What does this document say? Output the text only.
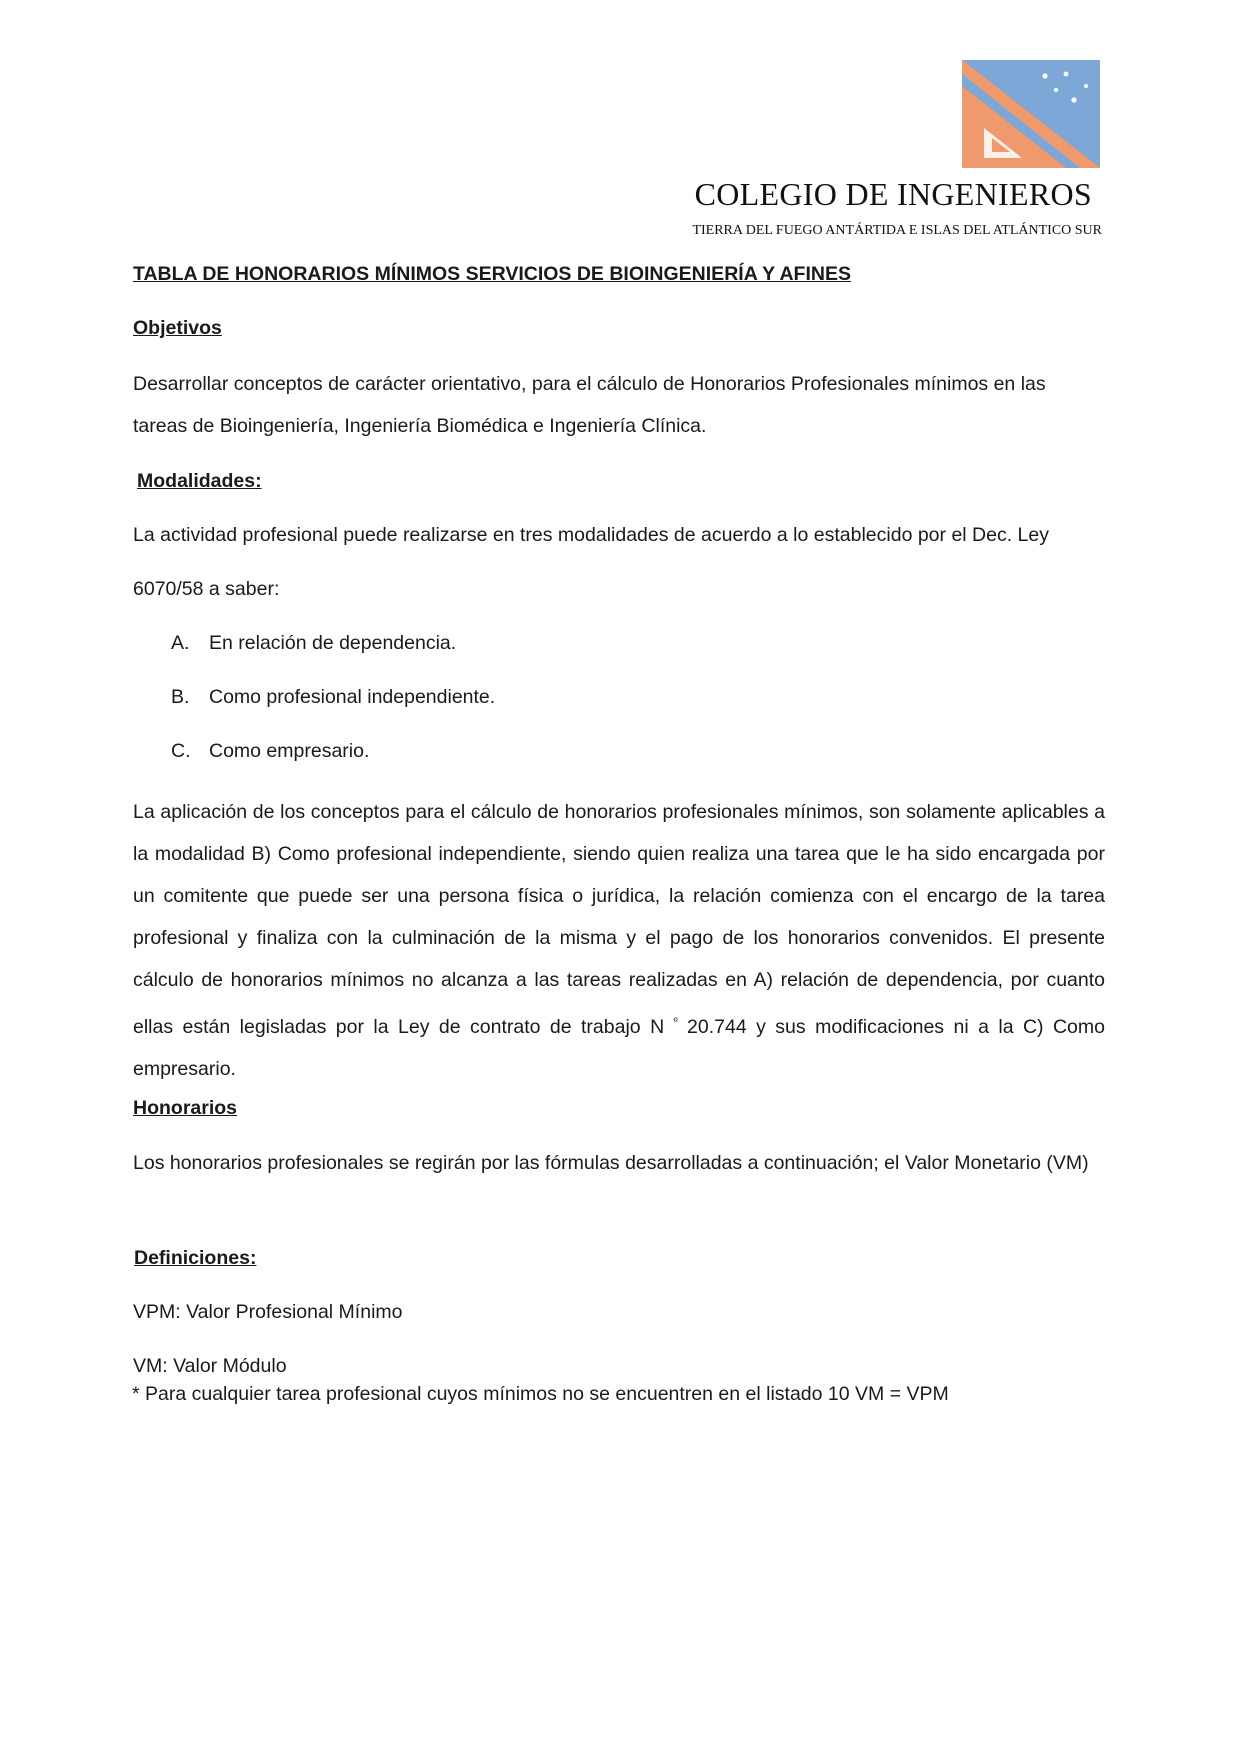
COLEGIO DE INGENIEROS
TIERRA DEL FUEGO ANTÁRTIDA E ISLAS DEL ATLÁNTICO SUR
TABLA DE HONORARIOS MÍNIMOS SERVICIOS DE BIOINGENIERÍA Y AFINES
Objetivos
Desarrollar conceptos de carácter orientativo, para el cálculo de Honorarios Profesionales mínimos en las tareas de Bioingeniería, Ingeniería Biomédica e Ingeniería Clínica.
Modalidades:
La actividad profesional puede realizarse en tres modalidades de acuerdo a lo establecido por el Dec. Ley
6070/58 a saber:
A. En relación de dependencia.
B. Como profesional independiente.
C. Como empresario.
La aplicación de los conceptos para el cálculo de honorarios profesionales mínimos, son solamente aplicables a la modalidad B) Como profesional independiente, siendo quien realiza una tarea que le ha sido encargada por un comitente que puede ser una persona física o jurídica, la relación comienza con el encargo de la tarea profesional y finaliza con la culminación de la misma y el pago de los honorarios convenidos. El presente cálculo de honorarios mínimos no alcanza a las tareas realizadas en A) relación de dependencia, por cuanto ellas están legisladas por la Ley de contrato de trabajo N $^º$ 20.744 y sus modificaciones ni a la C) Como empresario.
Honorarios
Los honorarios profesionales se regirán por las fórmulas desarrolladas a continuación; el Valor Monetario (VM)
Definiciones:
VPM: Valor Profesional Mínimo
VM: Valor Módulo
* Para cualquier tarea profesional cuyos mínimos no se encuentren en el listado 10 VM = VPM
